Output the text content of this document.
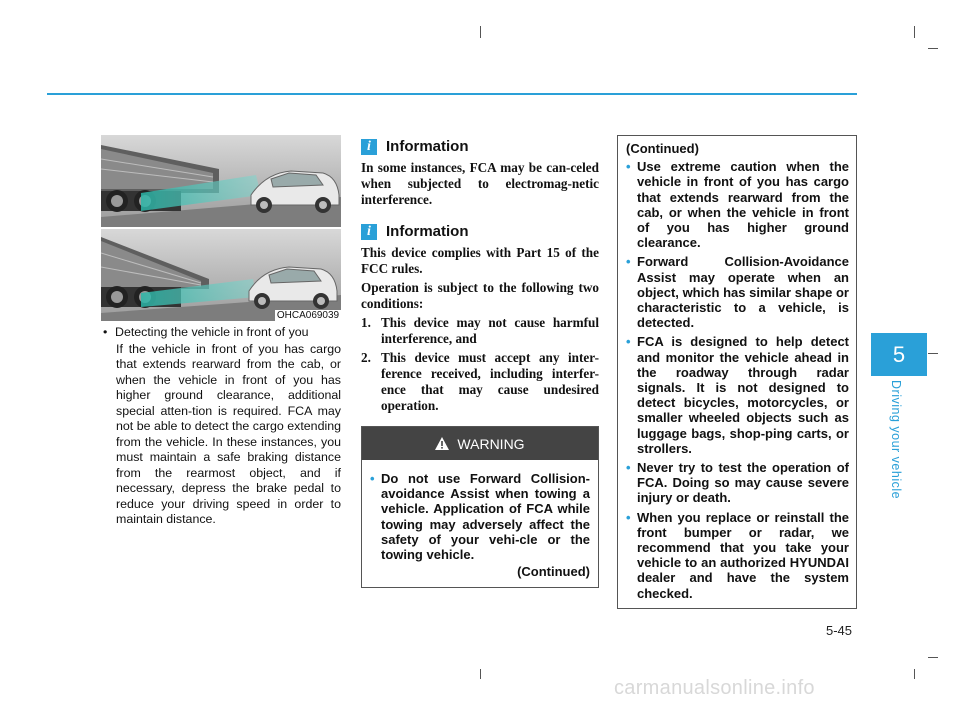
OHCA069039
• Detecting the vehicle in front of you
If the vehicle in front of you has cargo that extends rearward from the cab, or when the vehicle in front of you has higher ground clearance, additional special atten-tion is required. FCA may not be able to detect the cargo extending from the vehicle. In these instances, you must maintain a safe braking distance from the rearmost object, and if necessary, depress the brake pedal to reduce your driving speed in order to maintain distance.
i	Information
In some instances, FCA may be can-celed when subjected to electromag-netic interference.
i	Information
This device complies with Part 15 of the FCC rules.
Operation is subject to the following two conditions:
1. This device may not cause harmful interference, and
2. This device must accept any inter-ference received, including interfer-ence that may cause undesired operation.
WARNING
• Do not use Forward Collision-avoidance Assist when towing a vehicle. Application of FCA while towing may adversely affect the safety of your vehi-cle or the towing vehicle.
(Continued)
(Continued)
• Use extreme caution when the vehicle in front of you has cargo that extends rearward from the cab, or when the vehicle in front of you has higher ground clearance.
• Forward Collision-Avoidance Assist may operate when an object, which has similar shape or characteristic to a vehicle, is detected.
• FCA is designed to help detect and monitor the vehicle ahead in the roadway through radar signals. It is not designed to detect bicycles, motorcycles, or smaller wheeled objects such as luggage bags, shop-ping carts, or strollers.
• Never try to test the operation of FCA. Doing so may cause severe injury or death.
• When you replace or reinstall the front bumper or radar, we recommend that you take your vehicle to an authorized HYUNDAI dealer and have the system checked.
5
Driving your vehicle
5-45
carmanualsonline.info
